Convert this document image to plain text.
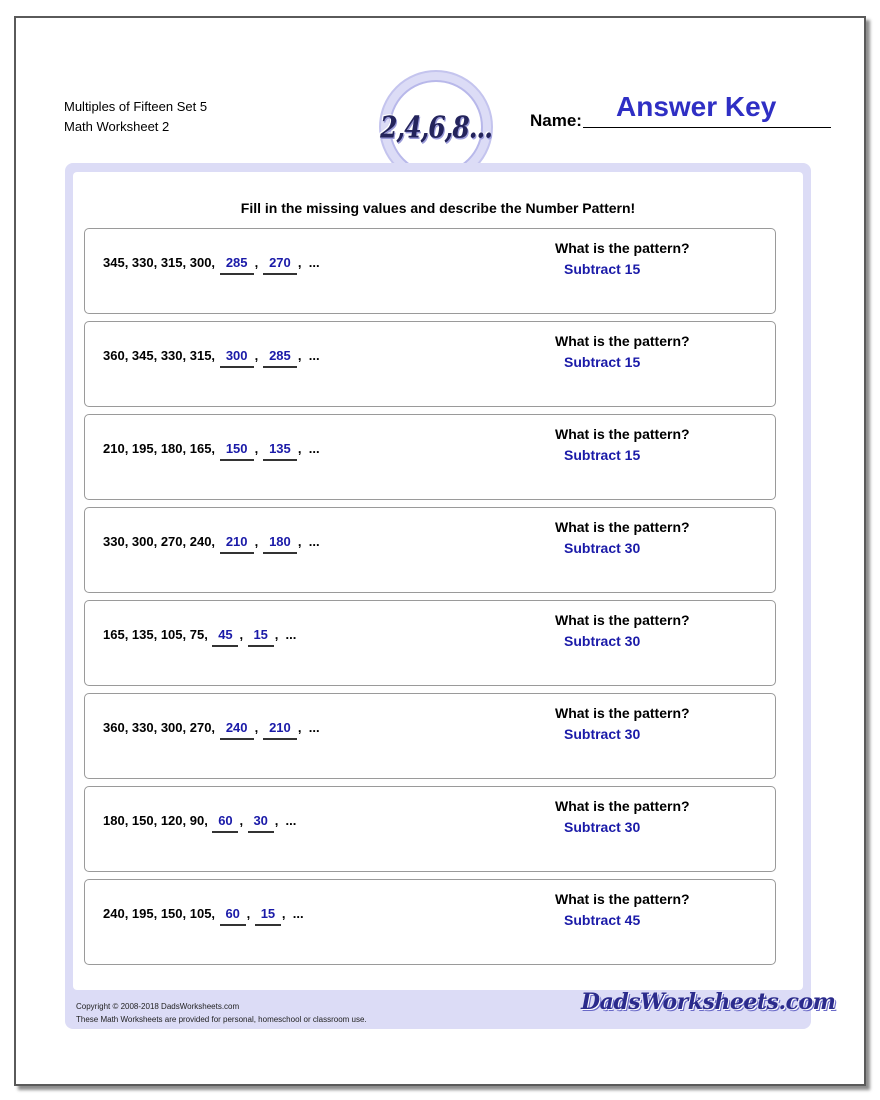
Multiples of Fifteen Set 5
Math Worksheet 2	2,4,6,8... Name: Answer Key
Fill in the missing values and describe the Number Pattern!
345, 330, 315, 300, 285 , 270 , ...
What is the pattern?
Subtract 15
360, 345, 330, 315, 300 , 285 , ...
What is the pattern?
Subtract 15
210, 195, 180, 165, 150 , 135 , ...
What is the pattern?
Subtract 15
330, 300, 270, 240, 210 , 180 , ...
What is the pattern?
Subtract 30
165, 135, 105, 75, 45 , 15 , ...
What is the pattern?
Subtract 30
360, 330, 300, 270, 240 , 210 , ...
What is the pattern?
Subtract 30
180, 150, 120, 90, 60 , 30 , ...
What is the pattern?
Subtract 30
240, 195, 150, 105, 60 , 15 , ...
What is the pattern?
Subtract 45
Copyright © 2008-2018 DadsWorksheets.com
These Math Worksheets are provided for personal, homeschool or classroom use.
DadsWorksheets.com
